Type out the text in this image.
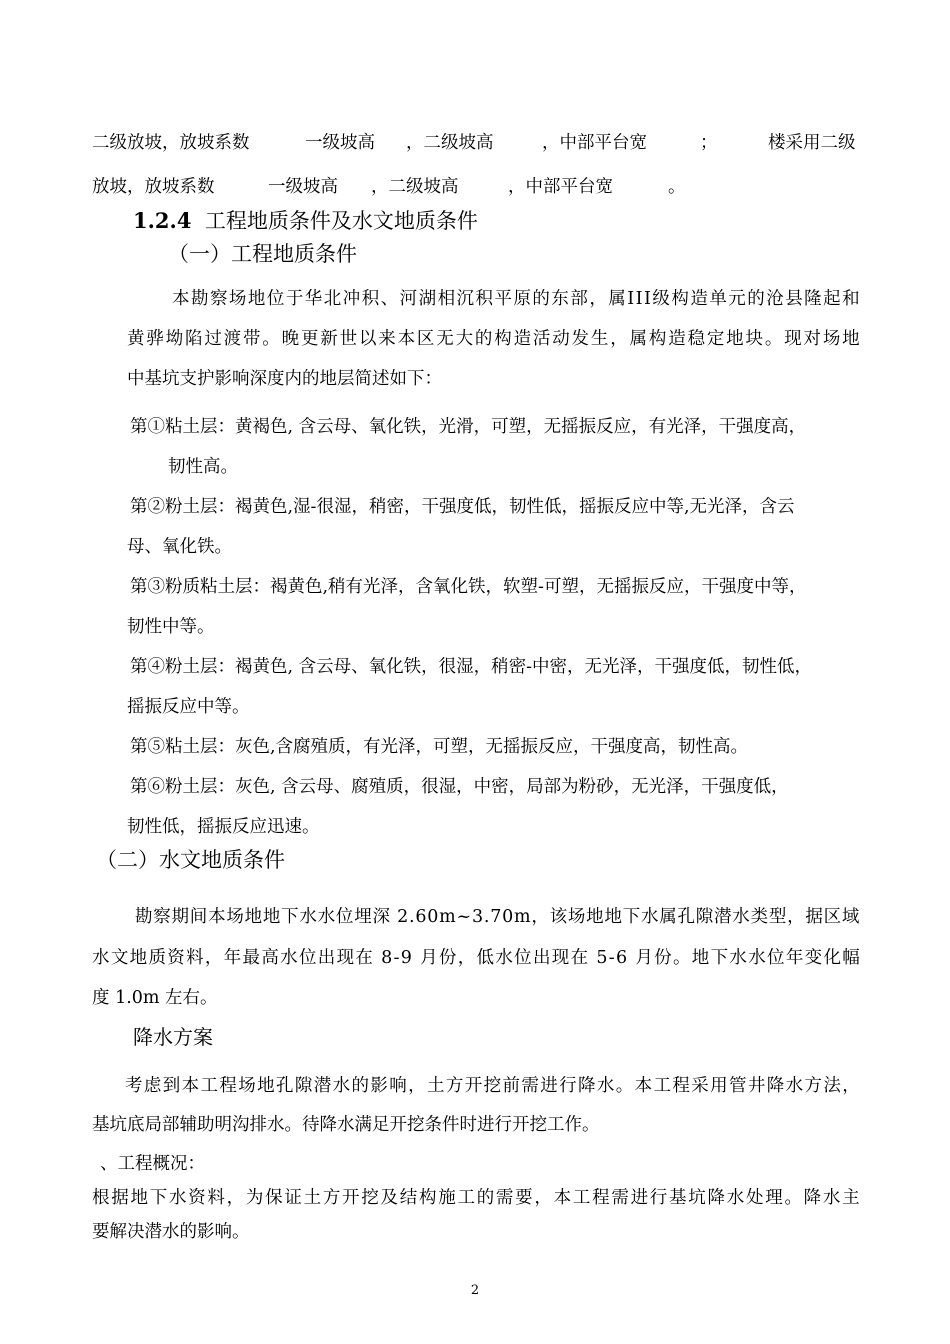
二级放坡，放坡系数	一级坡高 ，二级坡高	，中部平台宽	；	楼采用二级
放坡，放坡系数	一级坡高 ，二级坡高	，中部平台宽	。
1.2.4 工程地质条件及水文地质条件
（一）工程地质条件
本 勘 察 场 地 位 于 华 北 冲 积 、 河 湖 相 沉 积 平 原 的 东 部 ， 属 I I I 级 构 造 单 元 的 沧 县 隆 起 和
黄 骅 坳 陷 过 渡 带 。 晚 更 新 世 以 来 本 区 无 大 的 构 造 活 动 发 生 ， 属 构 造 稳 定 地 块 。 现 对 场 地
中基坑支护影响深度内的地层简述如下：
第①粘土层：黄褐色, 含云母、氧化铁，光滑，可塑，无摇振反应，有光泽，干强度高，
韧性高。
第②粉土层：褐黄色,湿-很湿，稍密，干强度低，韧性低，摇振反应中等,无光泽，含云
母、氧化铁。
第③粉质粘土层：褐黄色,稍有光泽，含氧化铁，软塑-可塑，无摇振反应，干强度中等，
韧性中等。
第④粉土层：褐黄色, 含云母、氧化铁，很湿，稍密-中密，无光泽，干强度低，韧性低，
摇振反应中等。
第⑤粘土层：灰色,含腐殖质，有光泽，可塑，无摇振反应，干强度高，韧性高。
第⑥粉土层：灰色, 含云母、腐殖质，很湿，中密，局部为粉砂，无光泽，干强度低，
韧性低，摇振反应迅速。
（二）水文地质条件
勘 察 期 间 本 场 地 地 下 水 水 位 埋 深
2 . 6 0 m ~ 3 . 7 0 m ， 该 场 地 地 下 水 属 孔 隙 潜 水 类 型 ， 据 区 域
水 文 地 质 资 料 ， 年 最 高 水 位 出 现 在
8 - 9
月 份 ， 低 水 位 出 现 在
5 - 6
月 份 。 地 下 水 水 位 年 变 化 幅
度 1.0m 左右。
降水方案
考 虑 到 本 工 程 场 地 孔 隙 潜 水 的 影 响 ， 土 方 开 挖 前 需 进 行 降 水 。 本 工 程 采 用 管 井 降 水 方 法 ，
基坑底局部辅助明沟排水。待降水满足开挖条件时进行开挖工作。
、工程概况：
根 据 地 下 水 资 料 ， 为 保 证 土 方 开 挖 及 结 构 施 工 的 需 要 ， 本 工 程 需 进 行 基 坑 降 水 处 理 。 降 水 主
要解决潜水的影响。
2
